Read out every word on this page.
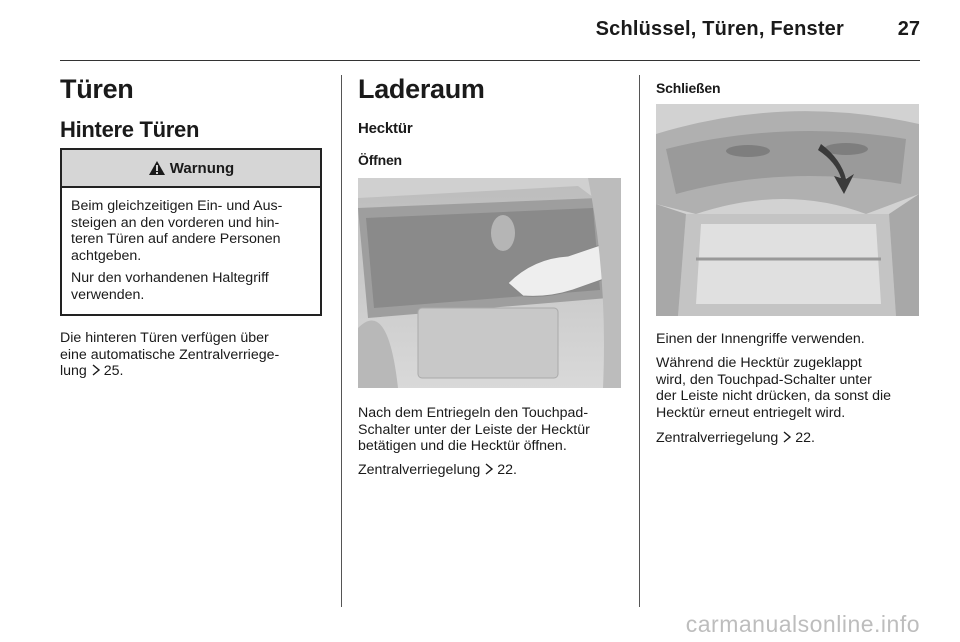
Schlüssel, Türen, Fenster	27
Türen
Hintere Türen
Warnung
Beim gleichzeitigen Ein- und Aus-
steigen an den vorderen und hin-
teren Türen auf andere Personen
achtgeben.
Nur den vorhandenen Haltegriff
verwenden.
Die hinteren Türen verfügen über
eine automatische Zentralverriege-
lung 25.
Laderaum
Hecktür
Öffnen
Nach dem Entriegeln den Touchpad-
Schalter unter der Leiste der Hecktür
betätigen und die Hecktür öffnen.
Zentralverriegelung 22.
Schließen
Einen der Innengriffe verwenden.
Während die Hecktür zugeklappt
wird, den Touchpad-Schalter unter
der Leiste nicht drücken, da sonst die
Hecktür erneut entriegelt wird.
Zentralverriegelung 22.
carmanualsonline.info
